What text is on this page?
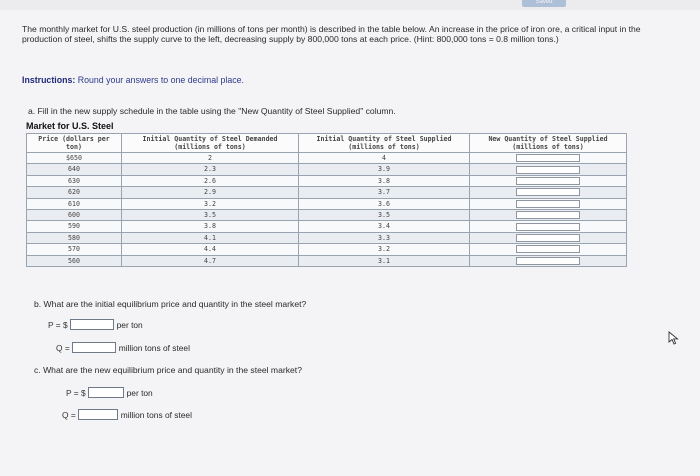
Saved
The monthly market for U.S. steel production (in millions of tons per month) is described in the table below. An increase in the price of iron ore, a critical input in the production of steel, shifts the supply curve to the left, decreasing supply by 800,000 tons at each price. (Hint: 800,000 tons = 0.8 million tons.)
Instructions: Round your answers to one decimal place.
a. Fill in the new supply schedule in the table using the "New Quantity of Steel Supplied" column.
Market for U.S. Steel
Price (dollars per ton)	Initial Quantity of Steel Demanded (millions of tons)	Initial Quantity of Steel Supplied (millions of tons)	New Quantity of Steel Supplied (millions of tons)
$650	2	4	

640	2.3	3.9	

630	2.6	3.8	

620	2.9	3.7	

610	3.2	3.6	

600	3.5	3.5	

590	3.8	3.4	

580	4.1	3.3	

570	4.4	3.2	

560	4.7	3.1	
b. What are the initial equilibrium price and quantity in the steel market?
P = $	per ton
Q =	million tons of steel
c. What are the new equilibrium price and quantity in the steel market?
P = $	per ton
Q =	million tons of steel
